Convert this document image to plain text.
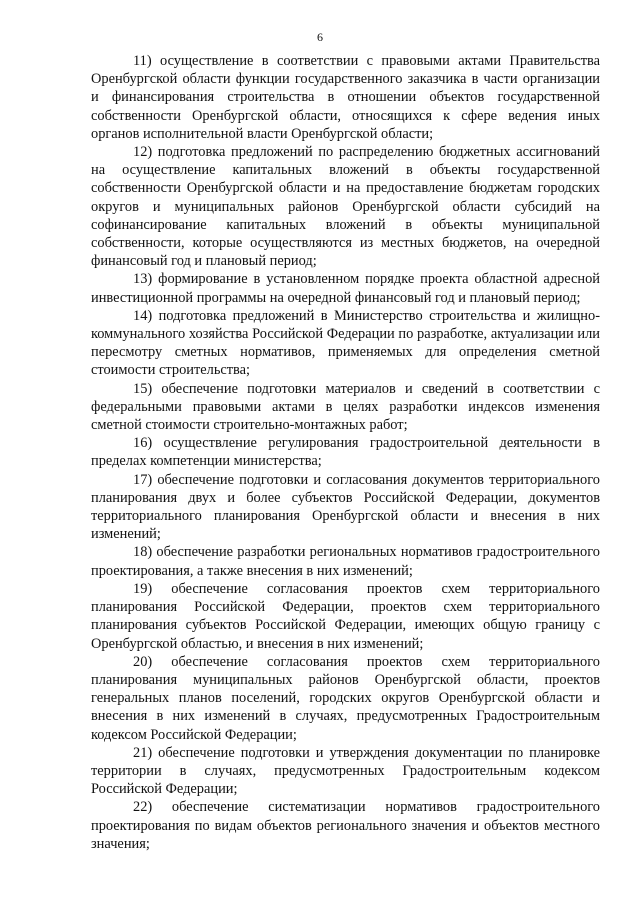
6

11) осуществление в соответствии с правовыми актами Правительства Оренбургской области функции государственного заказчика в части организации и финансирования строительства в отношении объектов государственной собственности Оренбургской области, относящихся к сфере ведения иных органов исполнительной власти Оренбургской области;

12) подготовка предложений по распределению бюджетных ассигнований на осуществление капитальных вложений в объекты государственной собственности Оренбургской области и на предоставление бюджетам городских округов и муниципальных районов Оренбургской области субсидий на софинансирование капитальных вложений в объекты муниципальной собственности, которые осуществляются из местных бюджетов, на очередной финансовый год и плановый период;

13) формирование в установленном порядке проекта областной адресной инвестиционной программы на очередной финансовый год и плановый период;

14) подготовка предложений в Министерство строительства и жилищно-коммунального хозяйства Российской Федерации по разработке, актуализации или пересмотру сметных нормативов, применяемых для определения сметной стоимости строительства;

15) обеспечение подготовки материалов и сведений в соответствии с федеральными правовыми актами в целях разработки индексов изменения сметной стоимости строительно-монтажных работ;

16) осуществление регулирования градостроительной деятельности в пределах компетенции министерства;

17) обеспечение подготовки и согласования документов территориального планирования двух и более субъектов Российской Федерации, документов территориального планирования Оренбургской области и внесения в них изменений;

18) обеспечение разработки региональных нормативов градостроительного проектирования, а также внесения в них изменений;

19) обеспечение согласования проектов схем территориального планирования Российской Федерации, проектов схем территориального планирования субъектов Российской Федерации, имеющих общую границу с Оренбургской областью, и внесения в них изменений;

20) обеспечение согласования проектов схем территориального планирования муниципальных районов Оренбургской области, проектов генеральных планов поселений, городских округов Оренбургской области и внесения в них изменений в случаях, предусмотренных Градостроительным кодексом Российской Федерации;

21) обеспечение подготовки и утверждения документации по планировке территории в случаях, предусмотренных Градостроительным кодексом Российской Федерации;

22) обеспечение систематизации нормативов градостроительного проектирования по видам объектов регионального значения и объектов местного значения;
